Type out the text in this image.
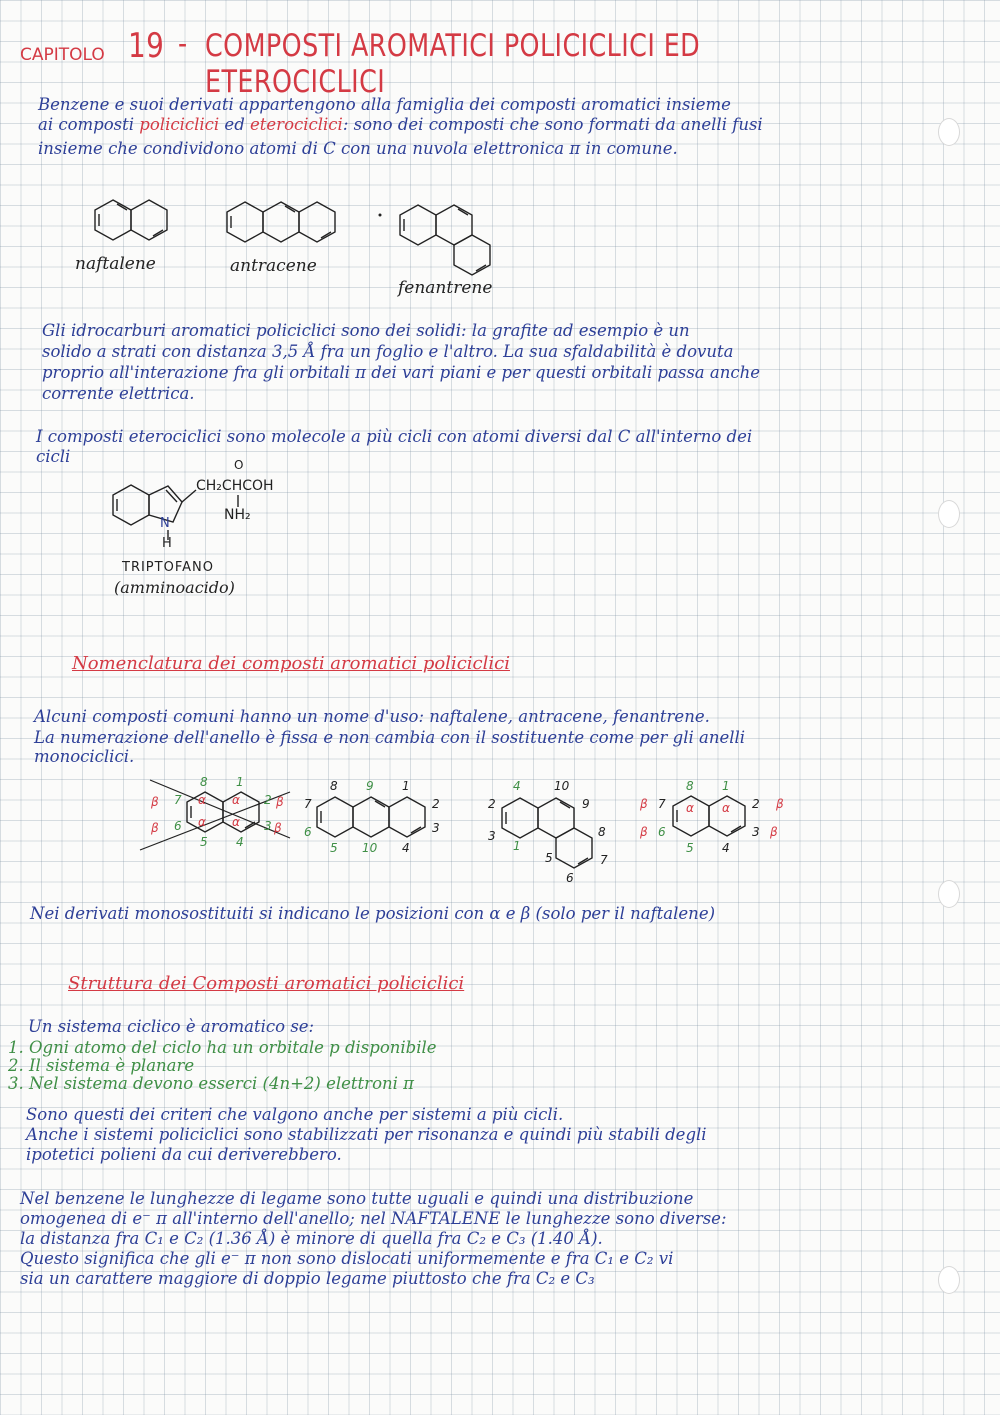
CAPITOLO 19 - COMPOSTI AROMATICI POLICICLICI ED ETEROCICLICI
Benzene e suoi derivati appartengono alla famiglia dei composti aromatici insieme
ai composti policiclici ed eterociclici: sono dei composti che sono formati da anelli fusi
insieme che condividono atomi di C con una nuvola elettronica π in comune.
8 1
7	2
6	3
5 4
β	β
β	β
α α
α α
8 9 1
7	2
6	3
5 10 4
4	10
2	9
3
1
8
5	7
6
8 1
7	2
6	3
5 4
β	β
β	β
α α
naftalene	antracene
fenantrene
Gli idrocarburi aromatici policiclici sono dei solidi: la grafite ad esempio è un
solido a strati con distanza 3,5 Å fra un foglio e l'altro. La sua sfaldabilità è dovuta
proprio all'interazione fra gli orbitali π dei vari piani e per questi orbitali passa anche
corrente elettrica.
I composti eterociclici sono molecole a più cicli con atomi diversi dal C all'interno dei
cicli	O
CH₂CHCOH
NH₂
N
H
TRIPTOFANO
(amminoacido)
Nomenclatura dei composti aromatici policiclici
Alcuni composti comuni hanno un nome d'uso: naftalene, antracene, fenantrene.
La numerazione dell'anello è fissa e non cambia con il sostituente come per gli anelli
monociclici.
Nei derivati monosostituiti si indicano le posizioni con α e β (solo per il naftalene)
Struttura dei Composti aromatici policiclici
Un sistema ciclico è aromatico se:
1. Ogni atomo del ciclo ha un orbitale p disponibile
2. Il sistema è planare
3. Nel sistema devono esserci (4n+2) elettroni π
Sono questi dei criteri che valgono anche per sistemi a più cicli.
Anche i sistemi policiclici sono stabilizzati per risonanza e quindi più stabili degli
ipotetici polieni da cui deriverebbero.
Nel benzene le lunghezze di legame sono tutte uguali e quindi una distribuzione
omogenea di e⁻ π all'interno dell'anello; nel NAFTALENE le lunghezze sono diverse:
la distanza fra C₁ e C₂ (1.36 Å) è minore di quella fra C₂ e C₃ (1.40 Å).
Questo significa che gli e⁻ π non sono dislocati uniformemente e fra C₁ e C₂ vi
sia un carattere maggiore di doppio legame piuttosto che fra C₂ e C₃
